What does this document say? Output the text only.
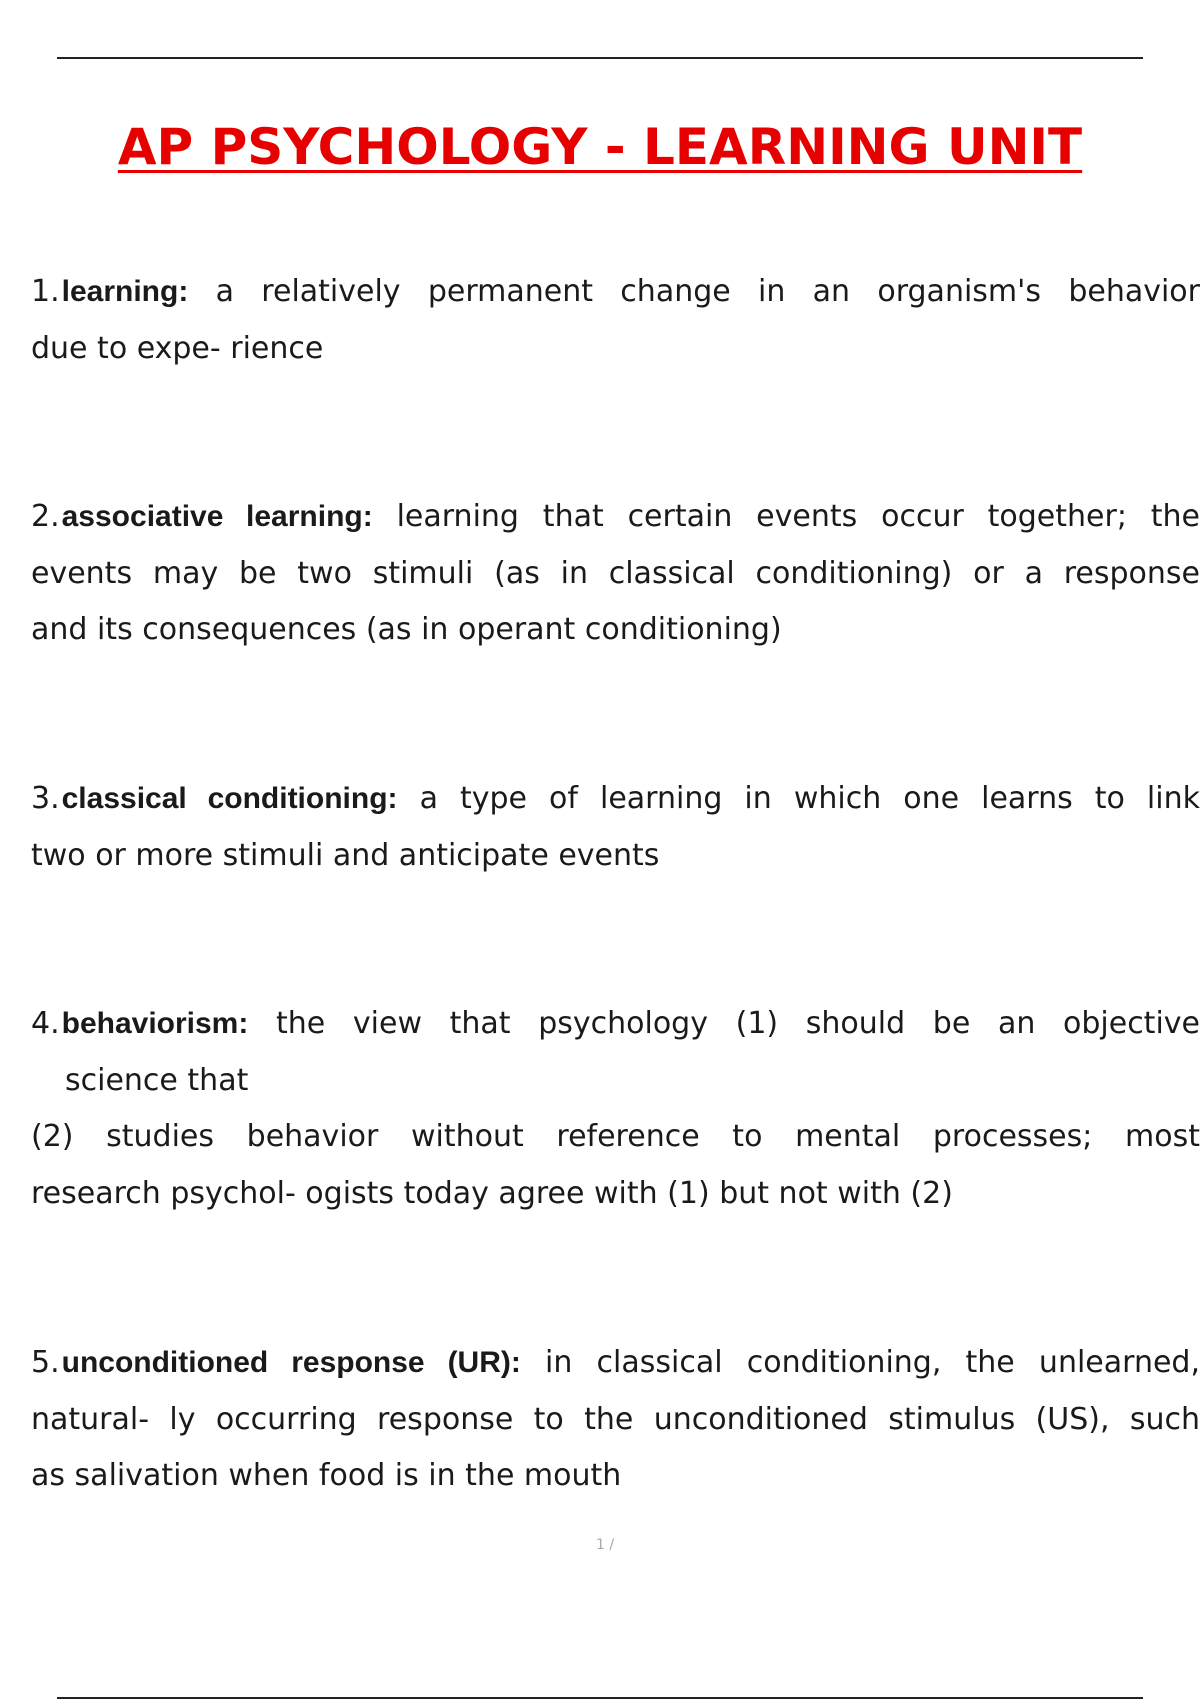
AP PSYCHOLOGY - LEARNING UNIT
1.learning: a relatively permanent change in an organism's behavior
due to expe- rience
2.associative learning: learning that certain events occur together; the
events may be two stimuli (as in classical conditioning) or a response
and its consequences (as in operant conditioning)
3.classical conditioning: a type of learning in which one learns to link
two or more stimuli and anticipate events
4.behaviorism: the view that psychology (1) should be an objective
science that
(2) studies behavior without reference to mental processes; most
research psychol- ogists today agree with (1) but not with (2)
5.unconditioned response (UR): in classical conditioning, the unlearned,
natural- ly occurring response to the unconditioned stimulus (US), such
as salivation when food is in the mouth
1 /
